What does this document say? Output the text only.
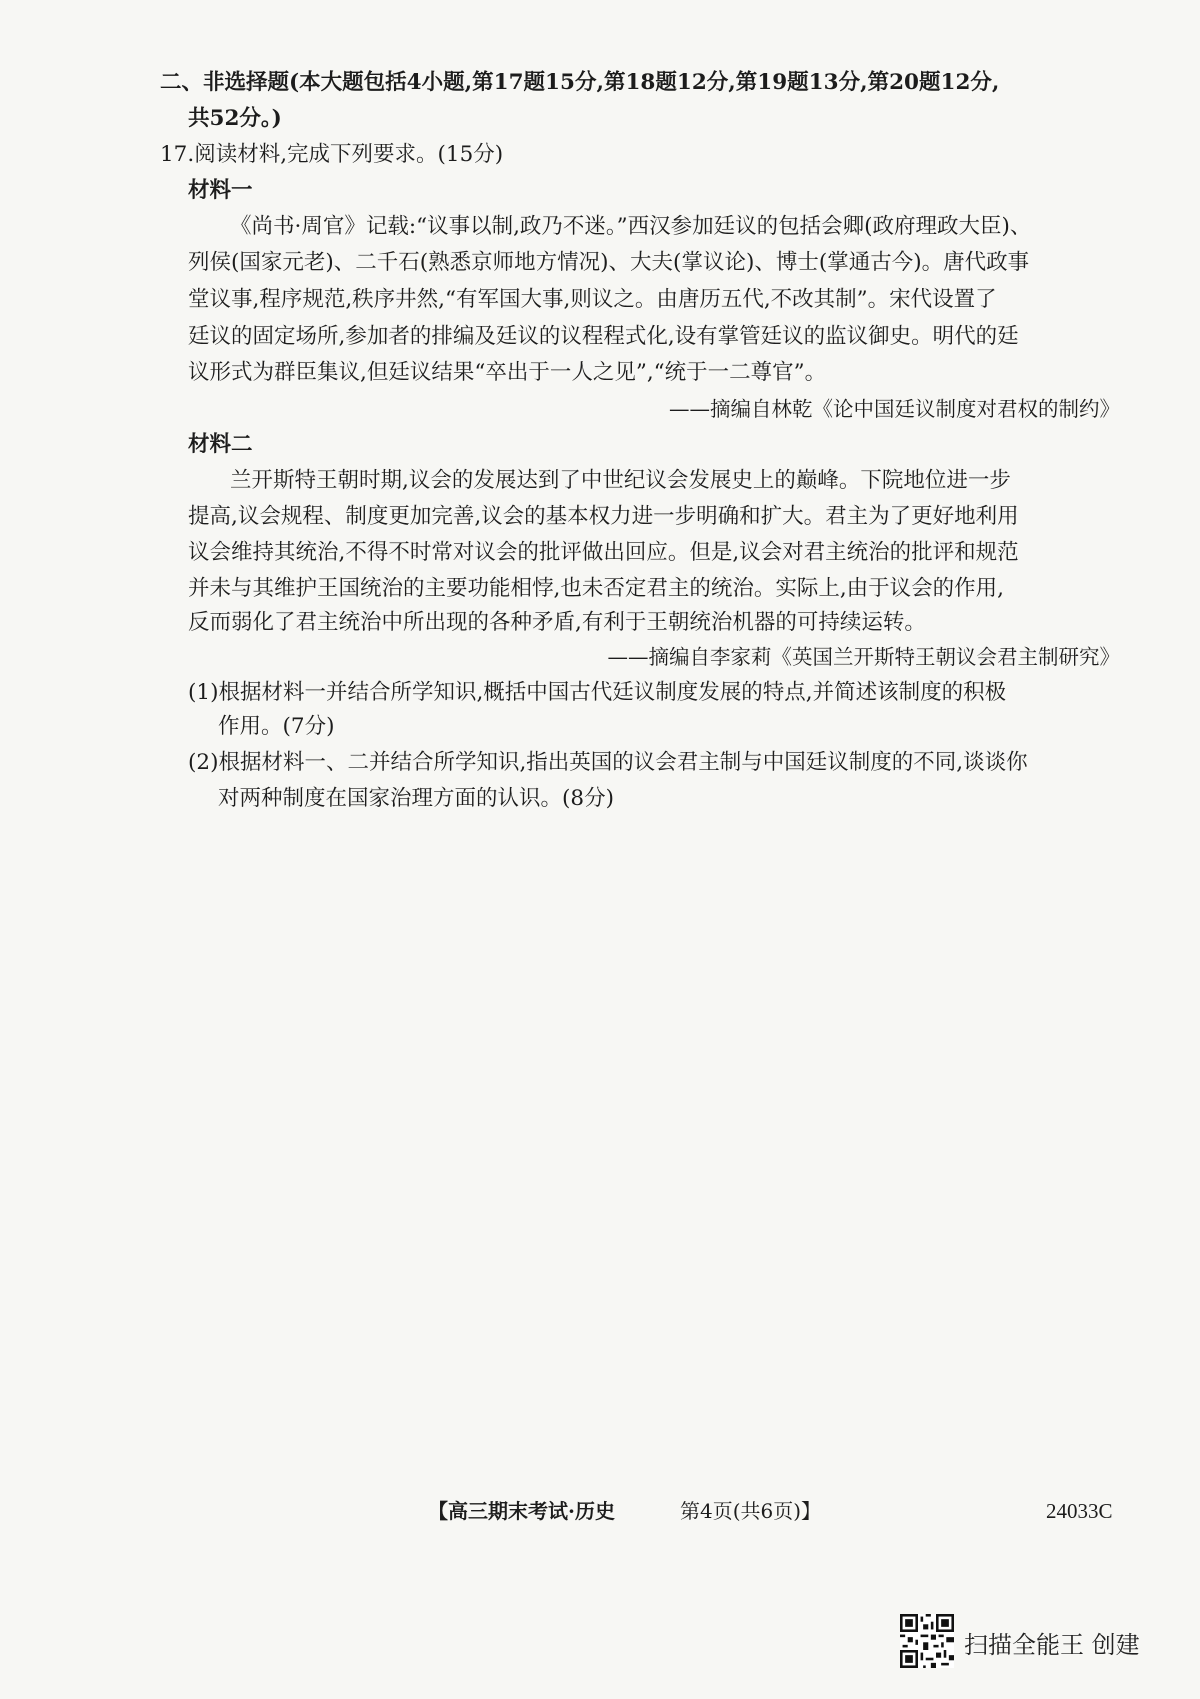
二、非选择题(本大题包括4小题,第17题15分,第18题12分,第19题13分,第20题12分,
共52分。)
17.阅读材料,完成下列要求。(15分)
材料一
《尚书·周官》记载:“议事以制,政乃不迷。”西汉参加廷议的包括会卿(政府理政大臣)、
列侯(国家元老)、二千石(熟悉京师地方情况)、大夫(掌议论)、博士(掌通古今)。唐代政事
堂议事,程序规范,秩序井然,“有军国大事,则议之。由唐历五代,不改其制”。宋代设置了
廷议的固定场所,参加者的排编及廷议的议程程式化,设有掌管廷议的监议御史。明代的廷
议形式为群臣集议,但廷议结果“卒出于一人之见”,“统于一二尊官”。
——摘编自林乾《论中国廷议制度对君权的制约》
材料二
兰开斯特王朝时期,议会的发展达到了中世纪议会发展史上的巅峰。下院地位进一步
提高,议会规程、制度更加完善,议会的基本权力进一步明确和扩大。君主为了更好地利用
议会维持其统治,不得不时常对议会的批评做出回应。但是,议会对君主统治的批评和规范
并未与其维护王国统治的主要功能相悖,也未否定君主的统治。实际上,由于议会的作用,
反而弱化了君主统治中所出现的各种矛盾,有利于王朝统治机器的可持续运转。
——摘编自李家莉《英国兰开斯特王朝议会君主制研究》
(1)根据材料一并结合所学知识,概括中国古代廷议制度发展的特点,并简述该制度的积极
作用。(7分)
(2)根据材料一、二并结合所学知识,指出英国的议会君主制与中国廷议制度的不同,谈谈你
对两种制度在国家治理方面的认识。(8分)
【高三期末考试·历史	第4页(共6页)】	24033C
扫描全能王 创建
